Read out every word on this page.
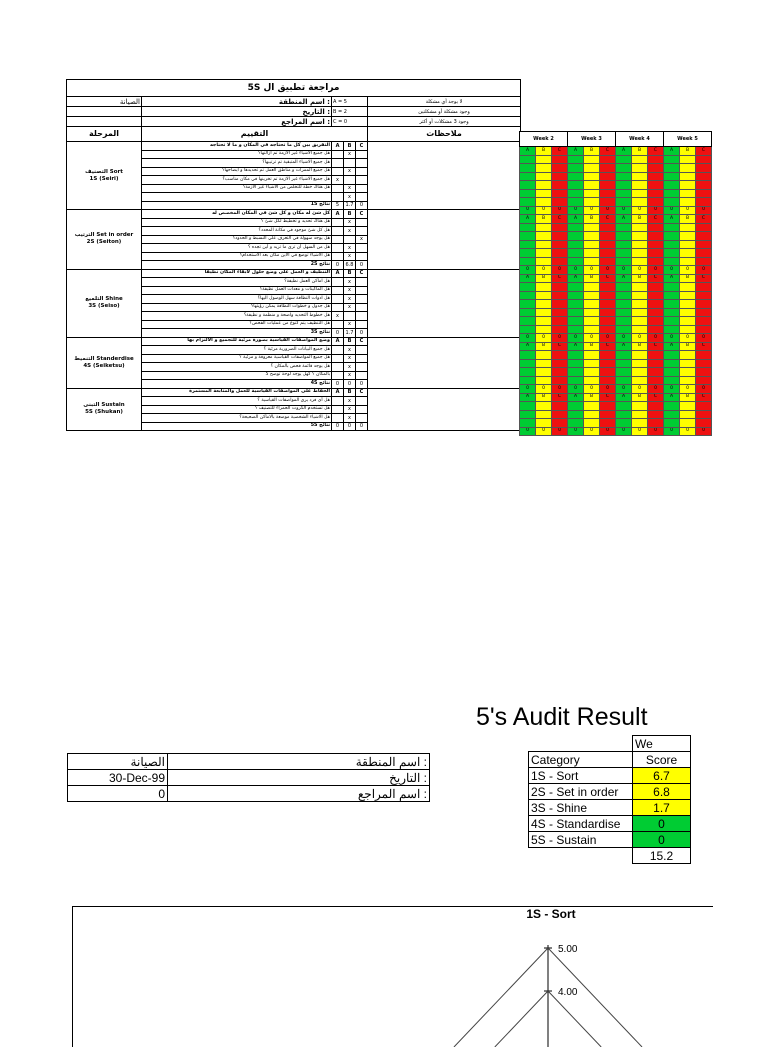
مراجعة تطبيق ال 5S					
الصيانة	: اسم المنطقة	A = 5			لا يوجد أي مشكلة
	: التاريخ	B = 2			وجود مشكلة أو مشكلتين
	: اسم المراجع	C = 0			وجود 3 مشكلات أو أكثر
المرحلة	التقييم				ملاحظات
التصنيف Sort
1S (Seiri)	التفريق بين كل ما تحتاجه في المكان و ما لا تحتاجه	A	B	C	
	هل جميع الاشياء غير الازمة تم ازالتها؟		x		
	هل جميع الاشياء المتبقية تم ترتيبها؟				
	هل جميع الممرات و مناطق العمل تم تحديدها و ايضاحها؟		x		
	هل جميع الاشياء غير الازمة تم تخزينها في مكان مناسب؟	x			
	هل هناك خطة للتخلص من الاشياء غير الازمة؟		x		
			x		
	نتائج 1S	5	1.7	0	
الترتيب Set in order
2S (Seiton)	كل شئ له مكان و كل شئ في المكان المخصص له	A	B	C	
	هل هناك تحديد و تخطيط لكل شئ ؟		x		
	هل كل شئ موجود في مكانة المحدد؟		x		
	هل يوجد سهولة في التعرف علي النسبط و الحدود؟			x	
	هل من السهل أن ترى ما تريد و أين تجده ؟		x		
	هل الاشياء توضع في الأين مكان بعد الاستخدام؟		x		
	نتائج 2S	0	6.8	0	
التلميع Shine
3S (Seiso)	التنظيف و العمل على وضع حلول لابقاء المكان نظيفا	A	B	C	
	هل اماكن العمل نظيفة؟		x		
	هل الماكينات و معدات العمل نظيفة؟		x		
	هل ادوات النظافة سهل الوصول اليها؟		x		
	هل جدول و خطوات النظافة يمكن رؤيتها؟		x		
	هل خطوط التحديد واضحة و منظمة و نظيفة؟	x			
	هل التنظيف يتم كنوع من عمليات الفحص؟		x		
	نتائج 3S	0	1.7	0	
التنميط Standerdise
4S (Seiketsu)	وضع المواصفات القياسية بصورة مرئية للتجميع و الالتزام بها	A	B	C	
	هل جميع البيانات الضرورية مرئية ؟		x		
	هل جميع المواصفات القياسية معروفة و مرئية ؟		x		
	هل يوجد قائمة فحص بالمكان ؟		x		
	بالمكان ؟ كهل يوجد لوحة توضح 5		x		
	نتائج 4S	0	0	0	
التبنى Sustain
5S (Shukan)	الحفاظ على المواصفات القياسية للعمل والمتابعة المستمرة	A	B	C	
	هل أي فرد يرى المواصفات القياسية ؟		x		
	هل تستخدم الكروت الحمراء للتصنيف ؟		x		
	هل الاشياء الشخصية موضعة بالاماكن الصحيحة؟		x		
	نتائج 5S	0	0	0	
Week 2			Week 3			Week 4			Week 5		
A	B	C	A	B	C	A	B	C	A	B	C

0	0	0	0	0	0	0	0	0	0	0	0
A	B	C	A	B	C	A	B	C	A	B	C

0	0	0	0	0	0	0	0	0	0	0	0
A	B	C	A	B	C	A	B	C	A	B	C

0	0	0	0	0	0	0	0	0	0	0	0
A	B	C	A	B	C	A	B	C	A	B	C

0	0	0	0	0	0	0	0	0	0	0	0
A	B	C	A	B	C	A	B	C	A	B	C

0	0	0	0	0	0	0	0	0	0	0	0
5's Audit Result
الصيانة	: اسم المنطقة
30-Dec-99	: التاريخ
0	: اسم المراجع
	We
Category	Score
1S - Sort	6.7
2S - Set in order	6.8
3S - Shine	1.7
4S - Standardise	0
5S - Sustain	0
	15.2
1S - Sort
5.00
4.00
